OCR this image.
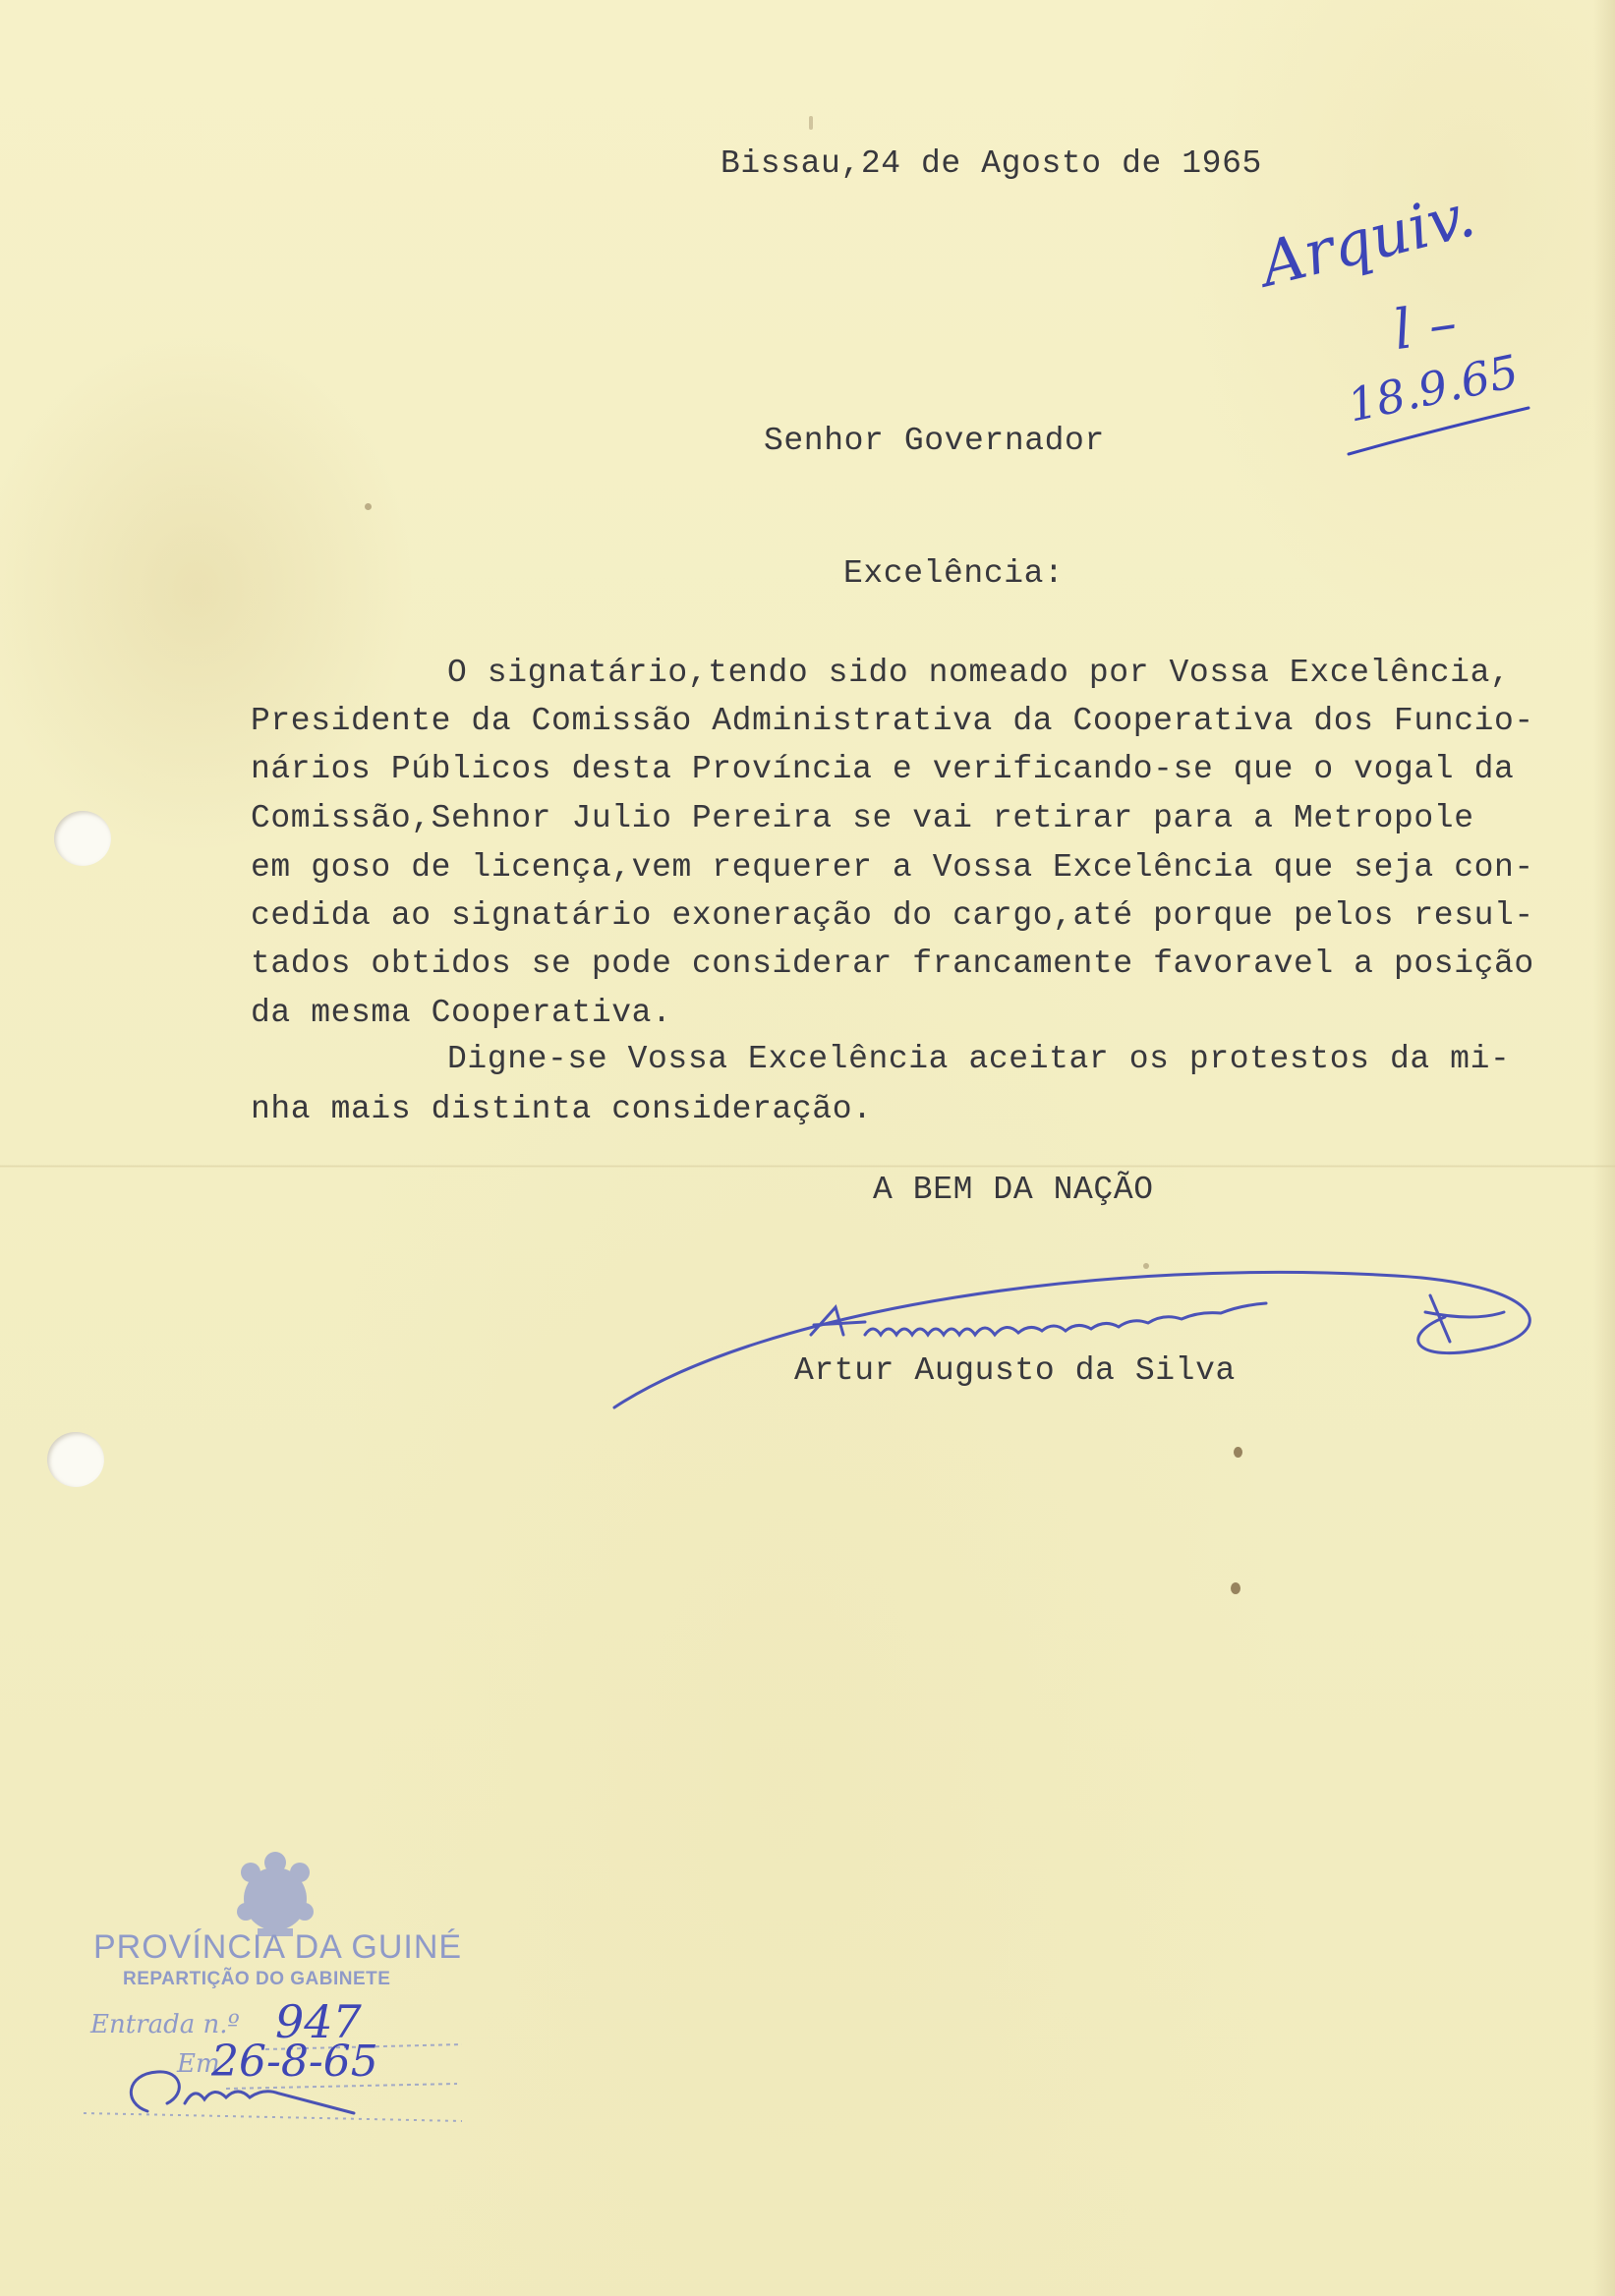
Bissau,24 de Agosto de 1965
Senhor Governador
Excelência:
O signatário,tendo sido nomeado por Vossa Excelência,
Presidente da Comissão Administrativa da Cooperativa dos Funcio-
nários Públicos desta Província e verificando-se que o vogal da
Comissão,Sehnor Julio Pereira se vai retirar para a Metropole
em goso de licença,vem requerer a Vossa Excelência que seja con-
cedida ao signatário exoneração do cargo,até porque pelos resul-
tados obtidos se pode considerar francamente favoravel a posição
da mesma Cooperativa.
Digne-se Vossa Excelência aceitar os protestos da mi-
nha mais distinta consideração.
A BEM DA NAÇÃO
Artur Augusto da Silva
Arquiv.
l –
18.9.65
PROVÍNCIA DA GUINÉ
REPARTIÇÃO DO GABINETE
Entrada n.º 947
Em
26-8-65
